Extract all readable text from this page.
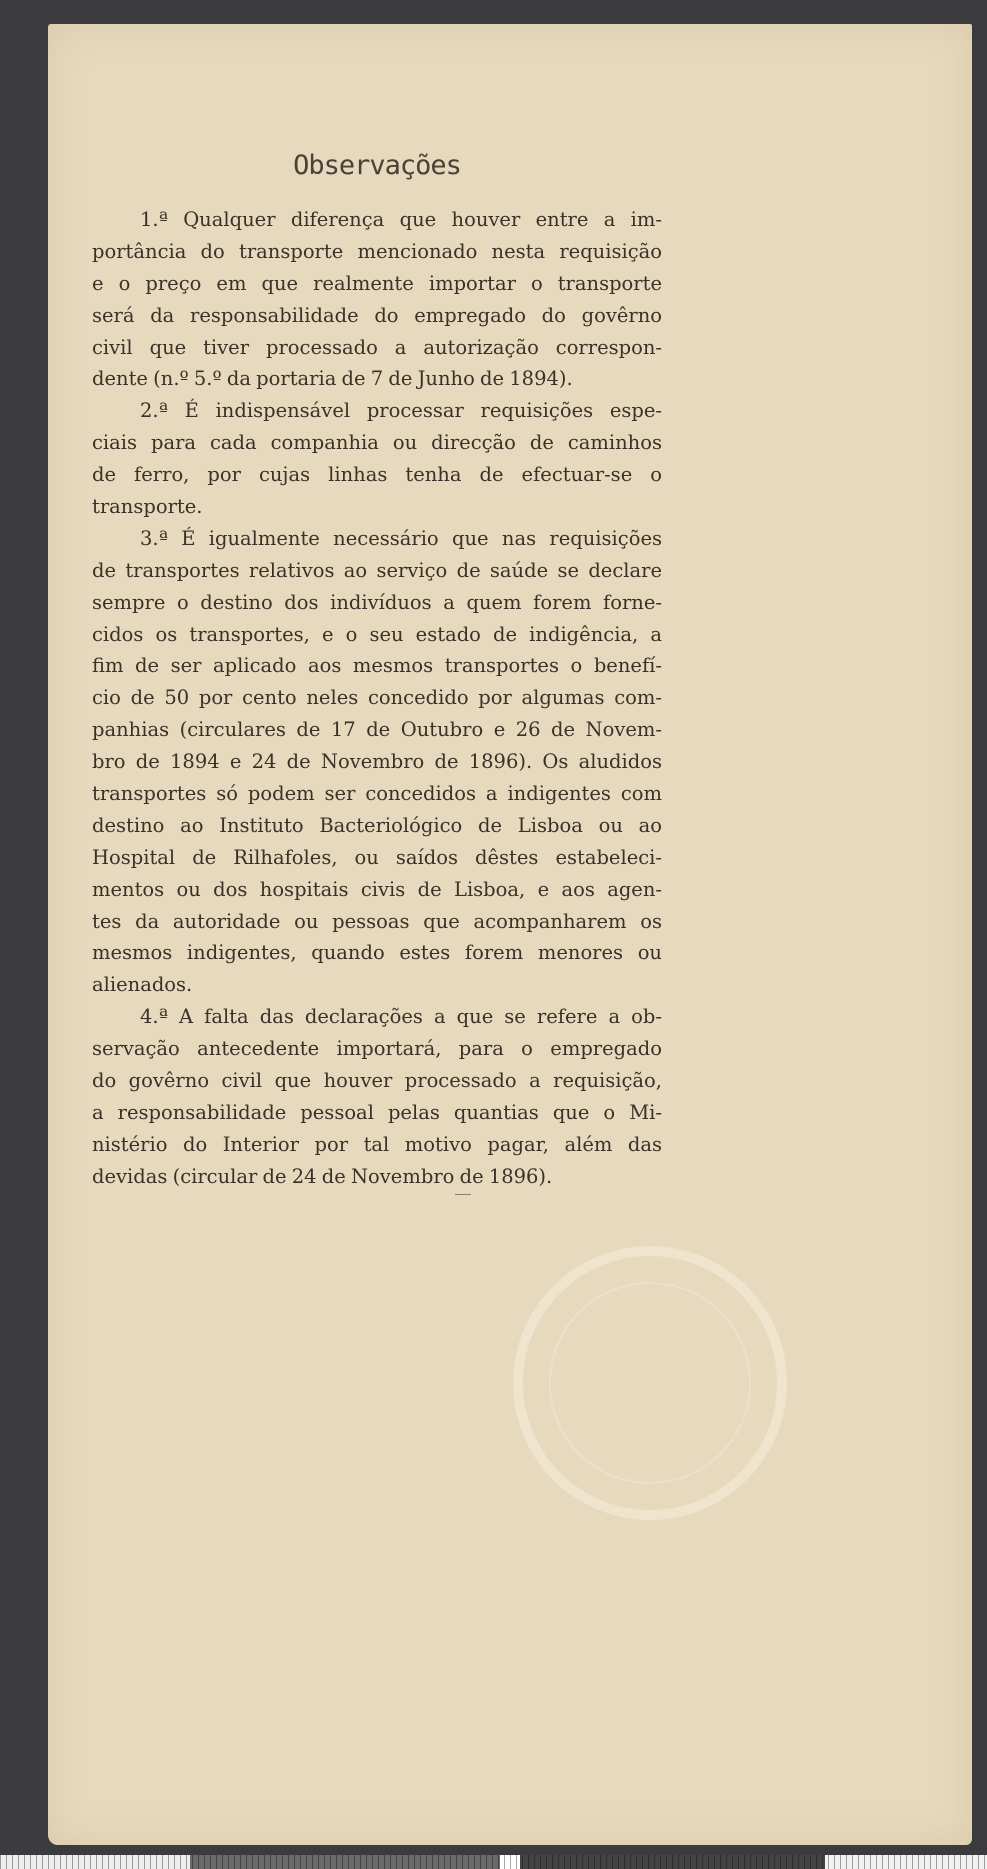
Observações
1.ª Qualquer diferença que houver entre a im-
portância do transporte mencionado nesta requisição
e o preço em que realmente importar o transporte
será da responsabilidade do empregado do govêrno
civil que tiver processado a autorização correspon-
dente (n.º 5.º da portaria de 7 de Junho de 1894).
2.ª É indispensável processar requisições espe-
ciais para cada companhia ou direcção de caminhos
de ferro, por cujas linhas tenha de efectuar-se o
transporte.
3.ª É igualmente necessário que nas requisições
de transportes relativos ao serviço de saúde se declare
sempre o destino dos indivíduos a quem forem forne-
cidos os transportes, e o seu estado de indigência, a
fim de ser aplicado aos mesmos transportes o benefí-
cio de 50 por cento neles concedido por algumas com-
panhias (circulares de 17 de Outubro e 26 de Novem-
bro de 1894 e 24 de Novembro de 1896). Os aludidos
transportes só podem ser concedidos a indigentes com
destino ao Instituto Bacteriológico de Lisboa ou ao
Hospital de Rilhafoles, ou saídos dêstes estabeleci-
mentos ou dos hospitais civis de Lisboa, e aos agen-
tes da autoridade ou pessoas que acompanharem os
mesmos indigentes, quando estes forem menores ou
alienados.
4.ª A falta das declarações a que se refere a ob-
servação antecedente importará, para o empregado
do govêrno civil que houver processado a requisição,
a responsabilidade pessoal pelas quantias que o Mi-
nistério do Interior por tal motivo pagar, além das
devidas (circular de 24 de Novembro de 1896).
